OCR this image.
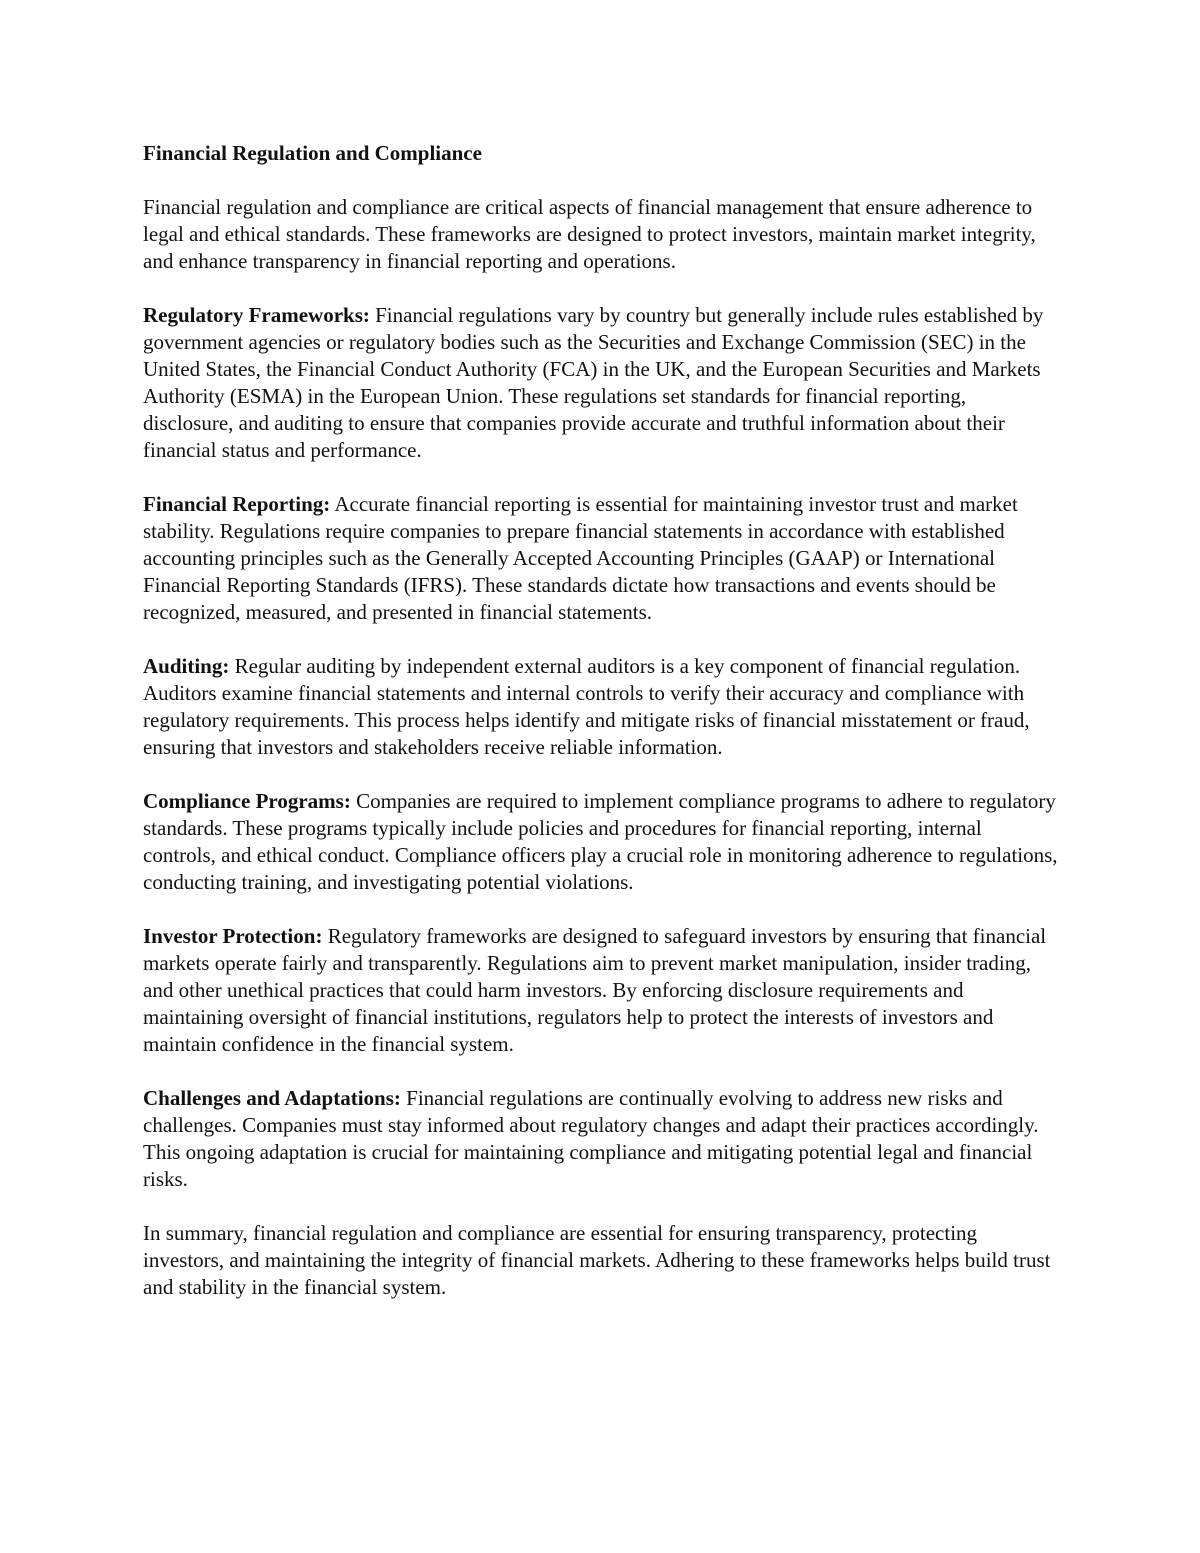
Financial Regulation and Compliance

Financial regulation and compliance are critical aspects of financial management that ensure adherence to legal and ethical standards. These frameworks are designed to protect investors, maintain market integrity, and enhance transparency in financial reporting and operations.

Regulatory Frameworks: Financial regulations vary by country but generally include rules established by government agencies or regulatory bodies such as the Securities and Exchange Commission (SEC) in the United States, the Financial Conduct Authority (FCA) in the UK, and the European Securities and Markets Authority (ESMA) in the European Union. These regulations set standards for financial reporting, disclosure, and auditing to ensure that companies provide accurate and truthful information about their financial status and performance.

Financial Reporting: Accurate financial reporting is essential for maintaining investor trust and market stability. Regulations require companies to prepare financial statements in accordance with established accounting principles such as the Generally Accepted Accounting Principles (GAAP) or International Financial Reporting Standards (IFRS). These standards dictate how transactions and events should be recognized, measured, and presented in financial statements.

Auditing: Regular auditing by independent external auditors is a key component of financial regulation. Auditors examine financial statements and internal controls to verify their accuracy and compliance with regulatory requirements. This process helps identify and mitigate risks of financial misstatement or fraud, ensuring that investors and stakeholders receive reliable information.

Compliance Programs: Companies are required to implement compliance programs to adhere to regulatory standards. These programs typically include policies and procedures for financial reporting, internal controls, and ethical conduct. Compliance officers play a crucial role in monitoring adherence to regulations, conducting training, and investigating potential violations.

Investor Protection: Regulatory frameworks are designed to safeguard investors by ensuring that financial markets operate fairly and transparently. Regulations aim to prevent market manipulation, insider trading, and other unethical practices that could harm investors. By enforcing disclosure requirements and maintaining oversight of financial institutions, regulators help to protect the interests of investors and maintain confidence in the financial system.

Challenges and Adaptations: Financial regulations are continually evolving to address new risks and challenges. Companies must stay informed about regulatory changes and adapt their practices accordingly. This ongoing adaptation is crucial for maintaining compliance and mitigating potential legal and financial risks.

In summary, financial regulation and compliance are essential for ensuring transparency, protecting investors, and maintaining the integrity of financial markets. Adhering to these frameworks helps build trust and stability in the financial system.
